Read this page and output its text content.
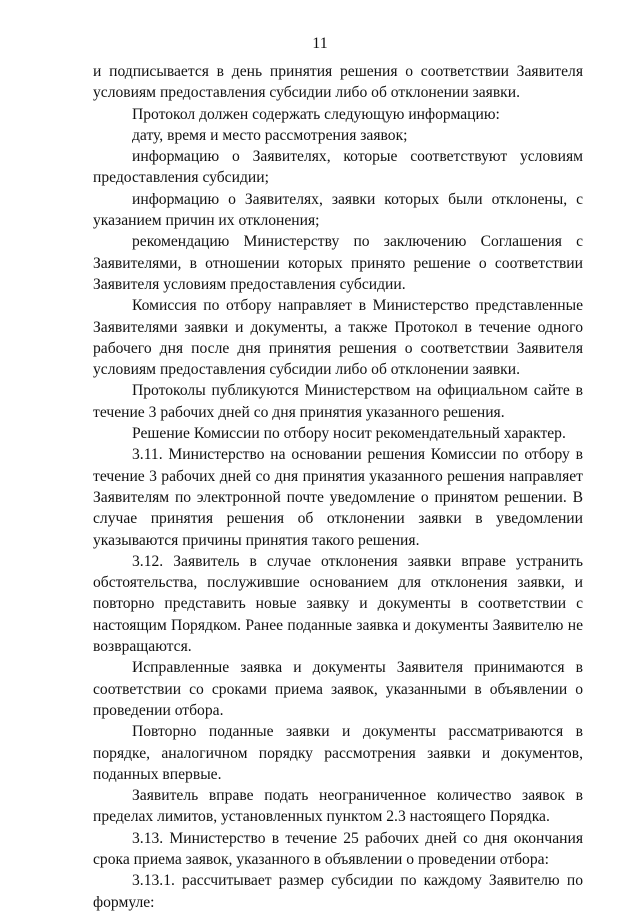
11

и подписывается в день принятия решения о соответствии Заявителя условиям предоставления субсидии либо об отклонении заявки.

Протокол должен содержать следующую информацию:

дату, время и место рассмотрения заявок;

информацию о Заявителях, которые соответствуют условиям предоставления субсидии;

информацию о Заявителях, заявки которых были отклонены, с указанием причин их отклонения;

рекомендацию Министерству по заключению Соглашения с Заявителями, в отношении которых принято решение о соответствии Заявителя условиям предоставления субсидии.

Комиссия по отбору направляет в Министерство представленные Заявителями заявки и документы, а также Протокол в течение одного рабочего дня после дня принятия решения о соответствии Заявителя условиям предоставления субсидии либо об отклонении заявки.

Протоколы публикуются Министерством на официальном сайте в течение 3 рабочих дней со дня принятия указанного решения.

Решение Комиссии по отбору носит рекомендательный характер.

3.11. Министерство на основании решения Комиссии по отбору в течение 3 рабочих дней со дня принятия указанного решения направляет Заявителям по электронной почте уведомление о принятом решении. В случае принятия решения об отклонении заявки в уведомлении указываются причины принятия такого решения.

3.12. Заявитель в случае отклонения заявки вправе устранить обстоятельства, послужившие основанием для отклонения заявки, и повторно представить новые заявку и документы в соответствии с настоящим Порядком. Ранее поданные заявка и документы Заявителю не возвращаются.

Исправленные заявка и документы Заявителя принимаются в соответствии со сроками приема заявок, указанными в объявлении о проведении отбора.

Повторно поданные заявки и документы рассматриваются в порядке, аналогичном порядку рассмотрения заявки и документов, поданных впервые.

Заявитель вправе подать неограниченное количество заявок в пределах лимитов, установленных пунктом 2.3 настоящего Порядка.

3.13. Министерство в течение 25 рабочих дней со дня окончания срока приема заявок, указанного в объявлении о проведении отбора:

3.13.1. рассчитывает размер субсидии по каждому Заявителю по формуле:
